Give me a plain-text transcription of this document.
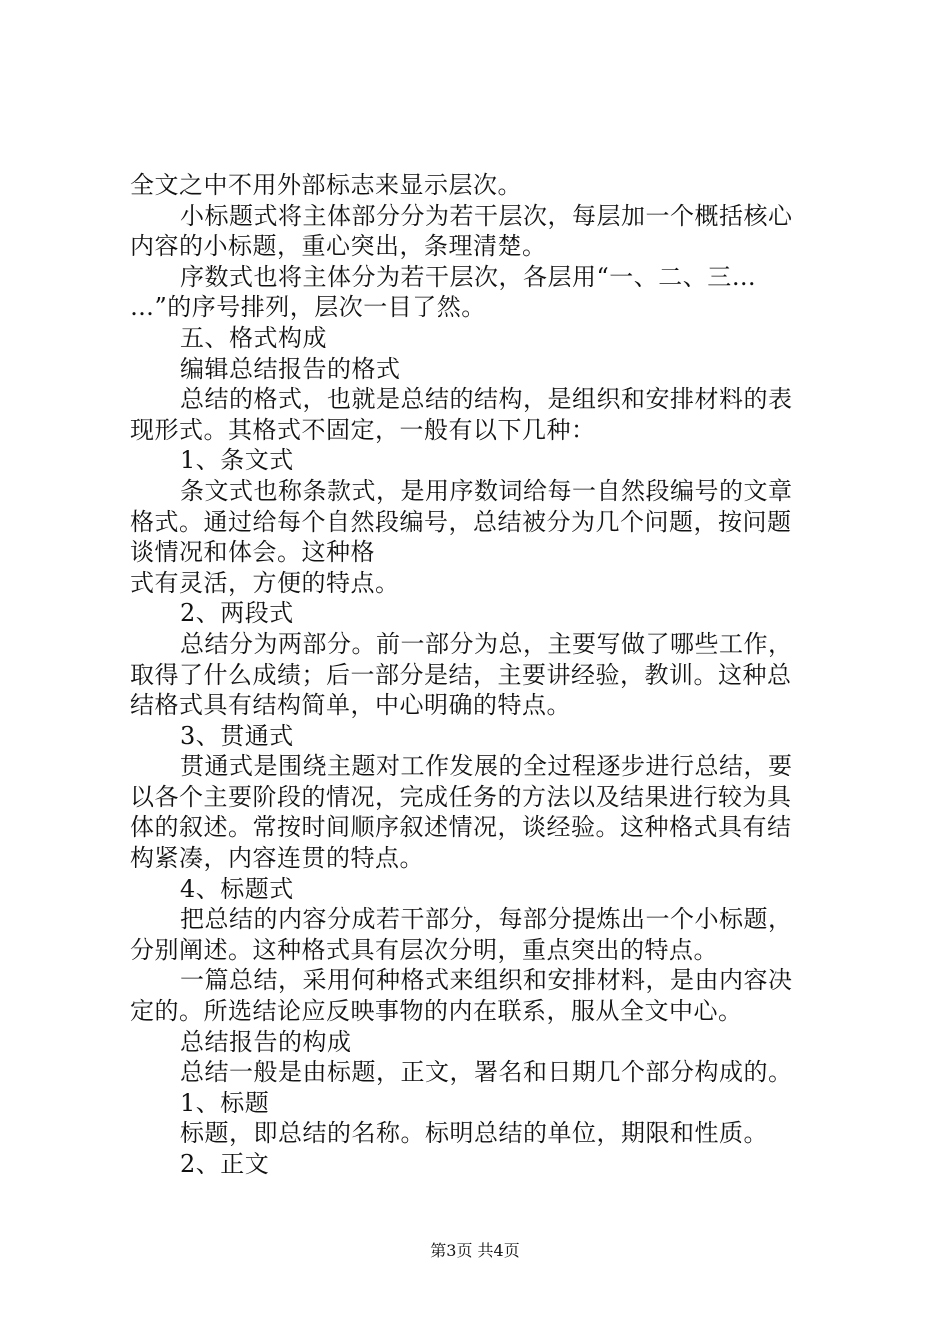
全文之中不用外部标志来显示层次。
小标题式将主体部分分为若干层次，每层加一个概括核心
内容的小标题，重心突出，条理清楚。
序数式也将主体分为若干层次，各层用“一、二、三…
…”的序号排列，层次一目了然。
五、格式构成
编辑总结报告的格式
总结的格式，也就是总结的结构，是组织和安排材料的表
现形式。其格式不固定，一般有以下几种：
1、条文式
条文式也称条款式，是用序数词给每一自然段编号的文章
格式。通过给每个自然段编号，总结被分为几个问题，按问题
谈情况和体会。这种格
式有灵活，方便的特点。
2、两段式
总结分为两部分。前一部分为总，主要写做了哪些工作，
取得了什么成绩；后一部分是结，主要讲经验，教训。这种总
结格式具有结构简单，中心明确的特点。
3、贯通式
贯通式是围绕主题对工作发展的全过程逐步进行总结，要
以各个主要阶段的情况，完成任务的方法以及结果进行较为具
体的叙述。常按时间顺序叙述情况，谈经验。这种格式具有结
构紧凑，内容连贯的特点。
4、标题式
把总结的内容分成若干部分，每部分提炼出一个小标题，
分别阐述。这种格式具有层次分明，重点突出的特点。
一篇总结，采用何种格式来组织和安排材料，是由内容决
定的。所选结论应反映事物的内在联系，服从全文中心。
总结报告的构成
总结一般是由标题，正文，署名和日期几个部分构成的。
1、标题
标题，即总结的名称。标明总结的单位，期限和性质。
2、正文
第3页 共4页
